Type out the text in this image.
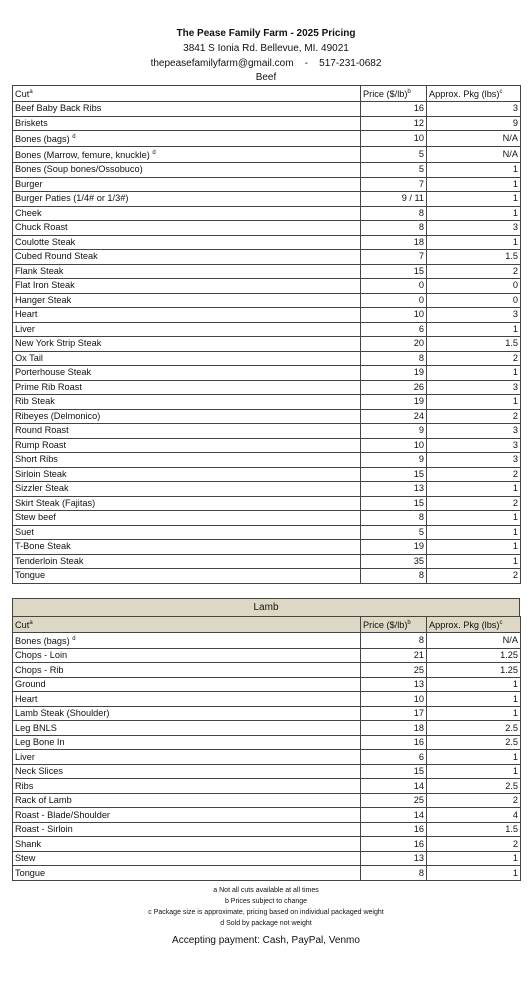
The Pease Family Farm - 2025 Pricing
3841 S Ionia Rd. Bellevue, MI. 49021
thepeasefamilyfarm@gmail.com - 517-231-0682
Beef
Cut$^a$	Price ($/lb)$^b$	Approx. Pkg (lbs)$^c$
Beef Baby Back Ribs	16	3
Briskets	12	9
Bones (bags) $^d$	10	N/A
Bones (Marrow, femure, knuckle) $^d$	5	N/A
Bones (Soup bones/Ossobuco)	5	1
Burger	7	1
Burger Paties (1/4# or 1/3#)	9 / 11	1
Cheek	8	1
Chuck Roast	8	3
Coulotte Steak	18	1
Cubed Round Steak	7	1.5
Flank Steak	15	2
Flat Iron Steak	0	0
Hanger Steak	0	0
Heart	10	3
Liver	6	1
New York Strip Steak	20	1.5
Ox Tail	8	2
Porterhouse Steak	19	1
Prime Rib Roast	26	3
Rib Steak	19	1
Ribeyes (Delmonico)	24	2
Round Roast	9	3
Rump Roast	10	3
Short Ribs	9	3
Sirloin Steak	15	2
Sizzler Steak	13	1
Skirt Steak (Fajitas)	15	2
Stew beef	8	1
Suet	5	1
T-Bone Steak	19	1
Tenderloin Steak	35	1
Tongue	8	2
Lamb
Cut$^a$	Price ($/lb)$^b$	Approx. Pkg (lbs)$^c$
Bones (bags) $^d$	8	N/A
Chops - Loin	21	1.25
Chops - Rib	25	1.25
Ground	13	1
Heart	10	1
Lamb Steak (Shoulder)	17	1
Leg BNLS	18	2.5
Leg Bone In	16	2.5
Liver	6	1
Neck Slices	15	1
Ribs	14	2.5
Rack of Lamb	25	2
Roast - Blade/Shoulder	14	4
Roast - Sirloin	16	1.5
Shank	16	2
Stew	13	1
Tongue	8	1
a Not all cuts available at all times
b Prices subject to change
c Package size is approximate, pricing based on individual packaged weight
d Sold by package not weight
Accepting payment: Cash, PayPal, Venmo
